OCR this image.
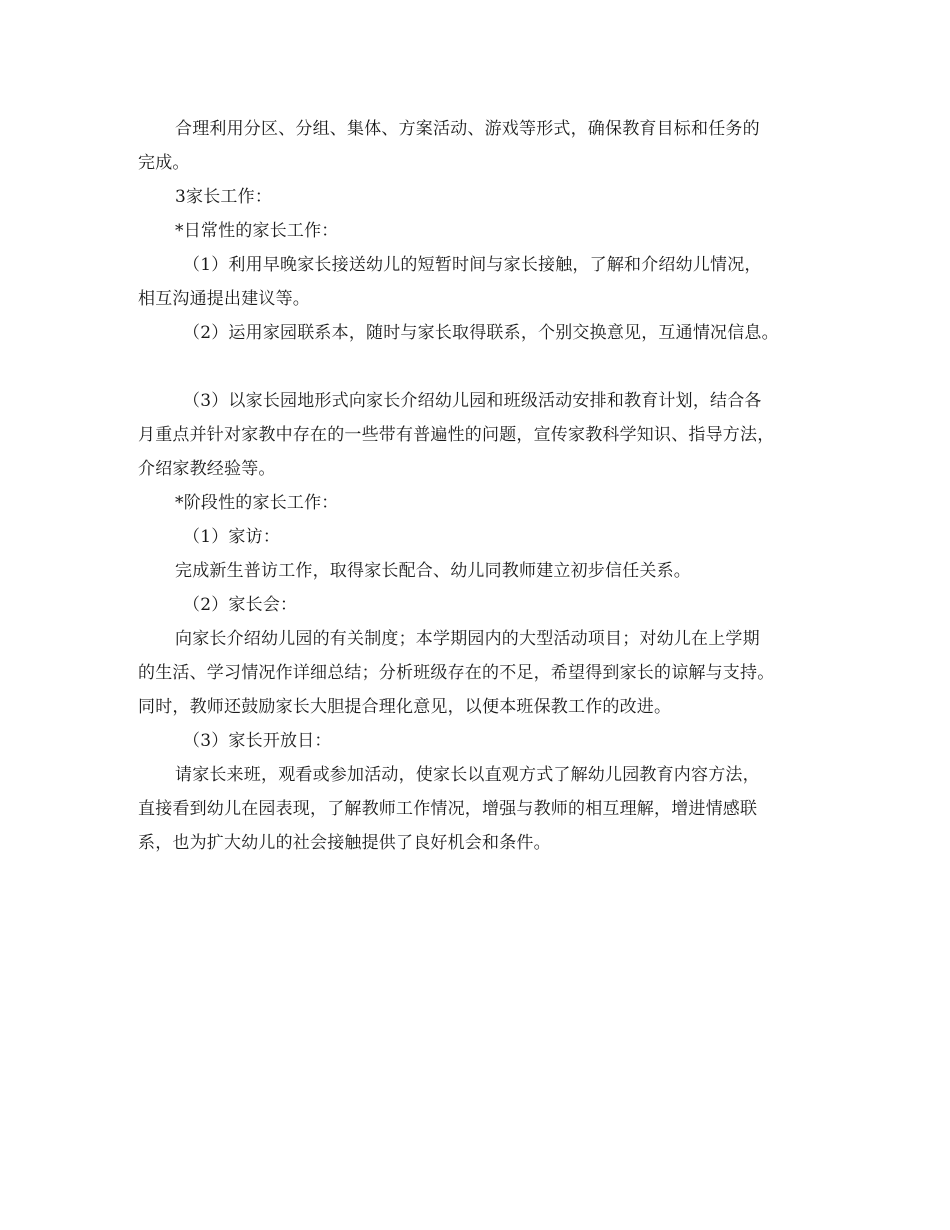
合理利用分区、分组、集体、方案活动、游戏等形式，确保教育目标和任务的

完成。

3家长工作：

*日常性的家长工作：

（1）利用早晚家长接送幼儿的短暂时间与家长接触，了解和介绍幼儿情况，

相互沟通提出建议等。

（2）运用家园联系本，随时与家长取得联系，个别交换意见，互通情况信息。

（3）以家长园地形式向家长介绍幼儿园和班级活动安排和教育计划，结合各

月重点并针对家教中存在的一些带有普遍性的问题，宣传家教科学知识、指导方法，

介绍家教经验等。

*阶段性的家长工作：

（1）家访：

完成新生普访工作，取得家长配合、幼儿同教师建立初步信任关系。

（2）家长会：

向家长介绍幼儿园的有关制度；本学期园内的大型活动项目；对幼儿在上学期

的生活、学习情况作详细总结；分析班级存在的不足，希望得到家长的谅解与支持。

同时，教师还鼓励家长大胆提合理化意见，以便本班保教工作的改进。

（3）家长开放日：

请家长来班，观看或参加活动，使家长以直观方式了解幼儿园教育内容方法，

直接看到幼儿在园表现，了解教师工作情况，增强与教师的相互理解，增进情感联

系，也为扩大幼儿的社会接触提供了良好机会和条件。
